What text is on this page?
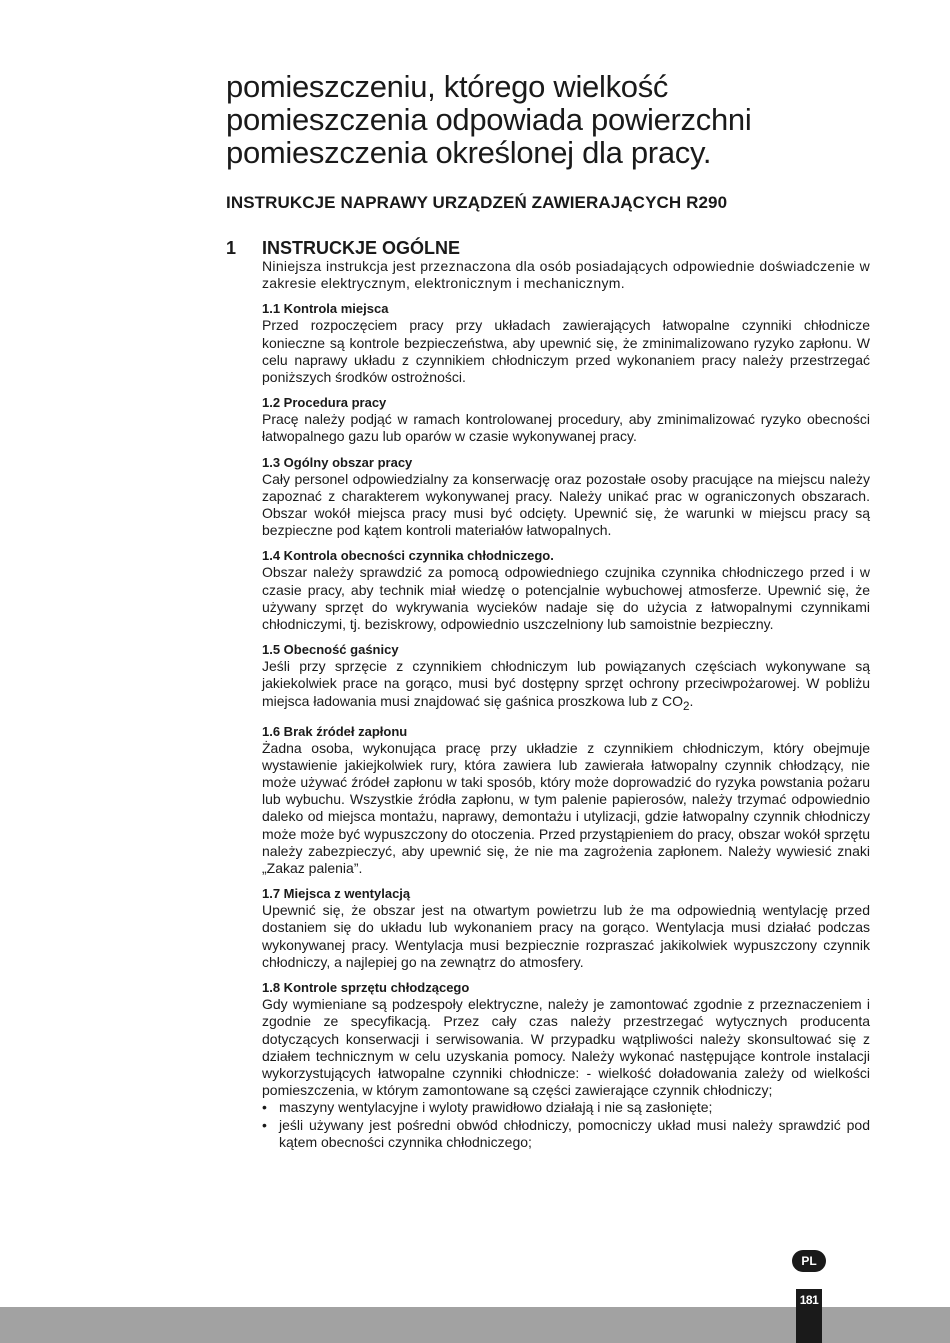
pomieszczeniu, którego wielkość pomieszczenia odpowiada powierzchni pomieszczenia określonej dla pracy.

INSTRUKCJE NAPRAWY URZĄDZEŃ ZAWIERAJĄCYCH R290
1 INSTRUCKJE OGÓLNE

Niniejsza instrukcja jest przeznaczona dla osób posiadających odpowiednie doświadczenie w zakresie elektrycznym, elektronicznym i mechanicznym.

1.1 Kontrola miejsca

Przed rozpoczęciem pracy przy układach zawierających łatwopalne czynniki chłodnicze konieczne są kontrole bezpieczeństwa, aby upewnić się, że zminimalizowano ryzyko zapłonu. W celu naprawy układu z czynnikiem chłodniczym przed wykonaniem pracy należy przestrzegać poniższych środków ostrożności.

1.2 Procedura pracy

Pracę należy podjąć w ramach kontrolowanej procedury, aby zminimalizować ryzyko obecności łatwopalnego gazu lub oparów w czasie wykonywanej pracy.

1.3 Ogólny obszar pracy

Cały personel odpowiedzialny za konserwację oraz pozostałe osoby pracujące na miejscu należy zapoznać z charakterem wykonywanej pracy. Należy unikać prac w ograniczonych obszarach. Obszar wokół miejsca pracy musi być odcięty. Upewnić się, że warunki w miejscu pracy są bezpieczne pod kątem kontroli materiałów łatwopalnych.

1.4 Kontrola obecności czynnika chłodniczego.

Obszar należy sprawdzić za pomocą odpowiedniego czujnika czynnika chłodniczego przed i w czasie pracy, aby technik miał wiedzę o potencjalnie wybuchowej atmosferze. Upewnić się, że używany sprzęt do wykrywania wycieków nadaje się do użycia z łatwopalnymi czynnikami chłodniczymi, tj. beziskrowy, odpowiednio uszczelniony lub samoistnie bezpieczny.

1.5 Obecność gaśnicy

Jeśli przy sprzęcie z czynnikiem chłodniczym lub powiązanych częściach wykonywane są jakiekolwiek prace na gorąco, musi być dostępny sprzęt ochrony przeciwpożarowej. W pobliżu miejsca ładowania musi znajdować się gaśnica proszkowa lub z $CO_2$.

1.6 Brak źródeł zapłonu

Żadna osoba, wykonująca pracę przy układzie z czynnikiem chłodniczym, który obejmuje wystawienie jakiejkolwiek rury, która zawiera lub zawierała łatwopalny czynnik chłodzący, nie może używać źródeł zapłonu w taki sposób, który może doprowadzić do ryzyka powstania pożaru lub wybuchu. Wszystkie źródła zapłonu, w tym palenie papierosów, należy trzymać odpowiednio daleko od miejsca montażu, naprawy, demontażu i utylizacji, gdzie łatwopalny czynnik chłodniczy może może być wypuszczony do otoczenia. Przed przystąpieniem do pracy, obszar wokół sprzętu należy zabezpieczyć, aby upewnić się, że nie ma zagrożenia zapłonem. Należy wywiesić znaki „Zakaz palenia”.

1.7 Miejsca z wentylacją

Upewnić się, że obszar jest na otwartym powietrzu lub że ma odpowiednią wentylację przed dostaniem się do układu lub wykonaniem pracy na gorąco. Wentylacja musi działać podczas wykonywanej pracy. Wentylacja musi bezpiecznie rozpraszać jakikolwiek wypuszczony czynnik chłodniczy, a najlepiej go na zewnątrz do atmosfery.

1.8 Kontrole sprzętu chłodzącego

Gdy wymieniane są podzespoły elektryczne, należy je zamontować zgodnie z przeznaczeniem i zgodnie ze specyfikacją. Przez cały czas należy przestrzegać wytycznych producenta dotyczących konserwacji i serwisowania. W przypadku wątpliwości należy skonsultować się z działem technicznym w celu uzyskania pomocy. Należy wykonać następujące kontrole instalacji wykorzystujących łatwopalne czynniki chłodnicze: - wielkość doładowania zależy od wielkości pomieszczenia, w którym zamontowane są części zawierające czynnik chłodniczy;

• maszyny wentylacyjne i wyloty prawidłowo działają i nie są zasłonięte;
• jeśli używany jest pośredni obwód chłodniczy, pomocniczy układ musi należy sprawdzić pod kątem obecności czynnika chłodniczego;
PL
181
